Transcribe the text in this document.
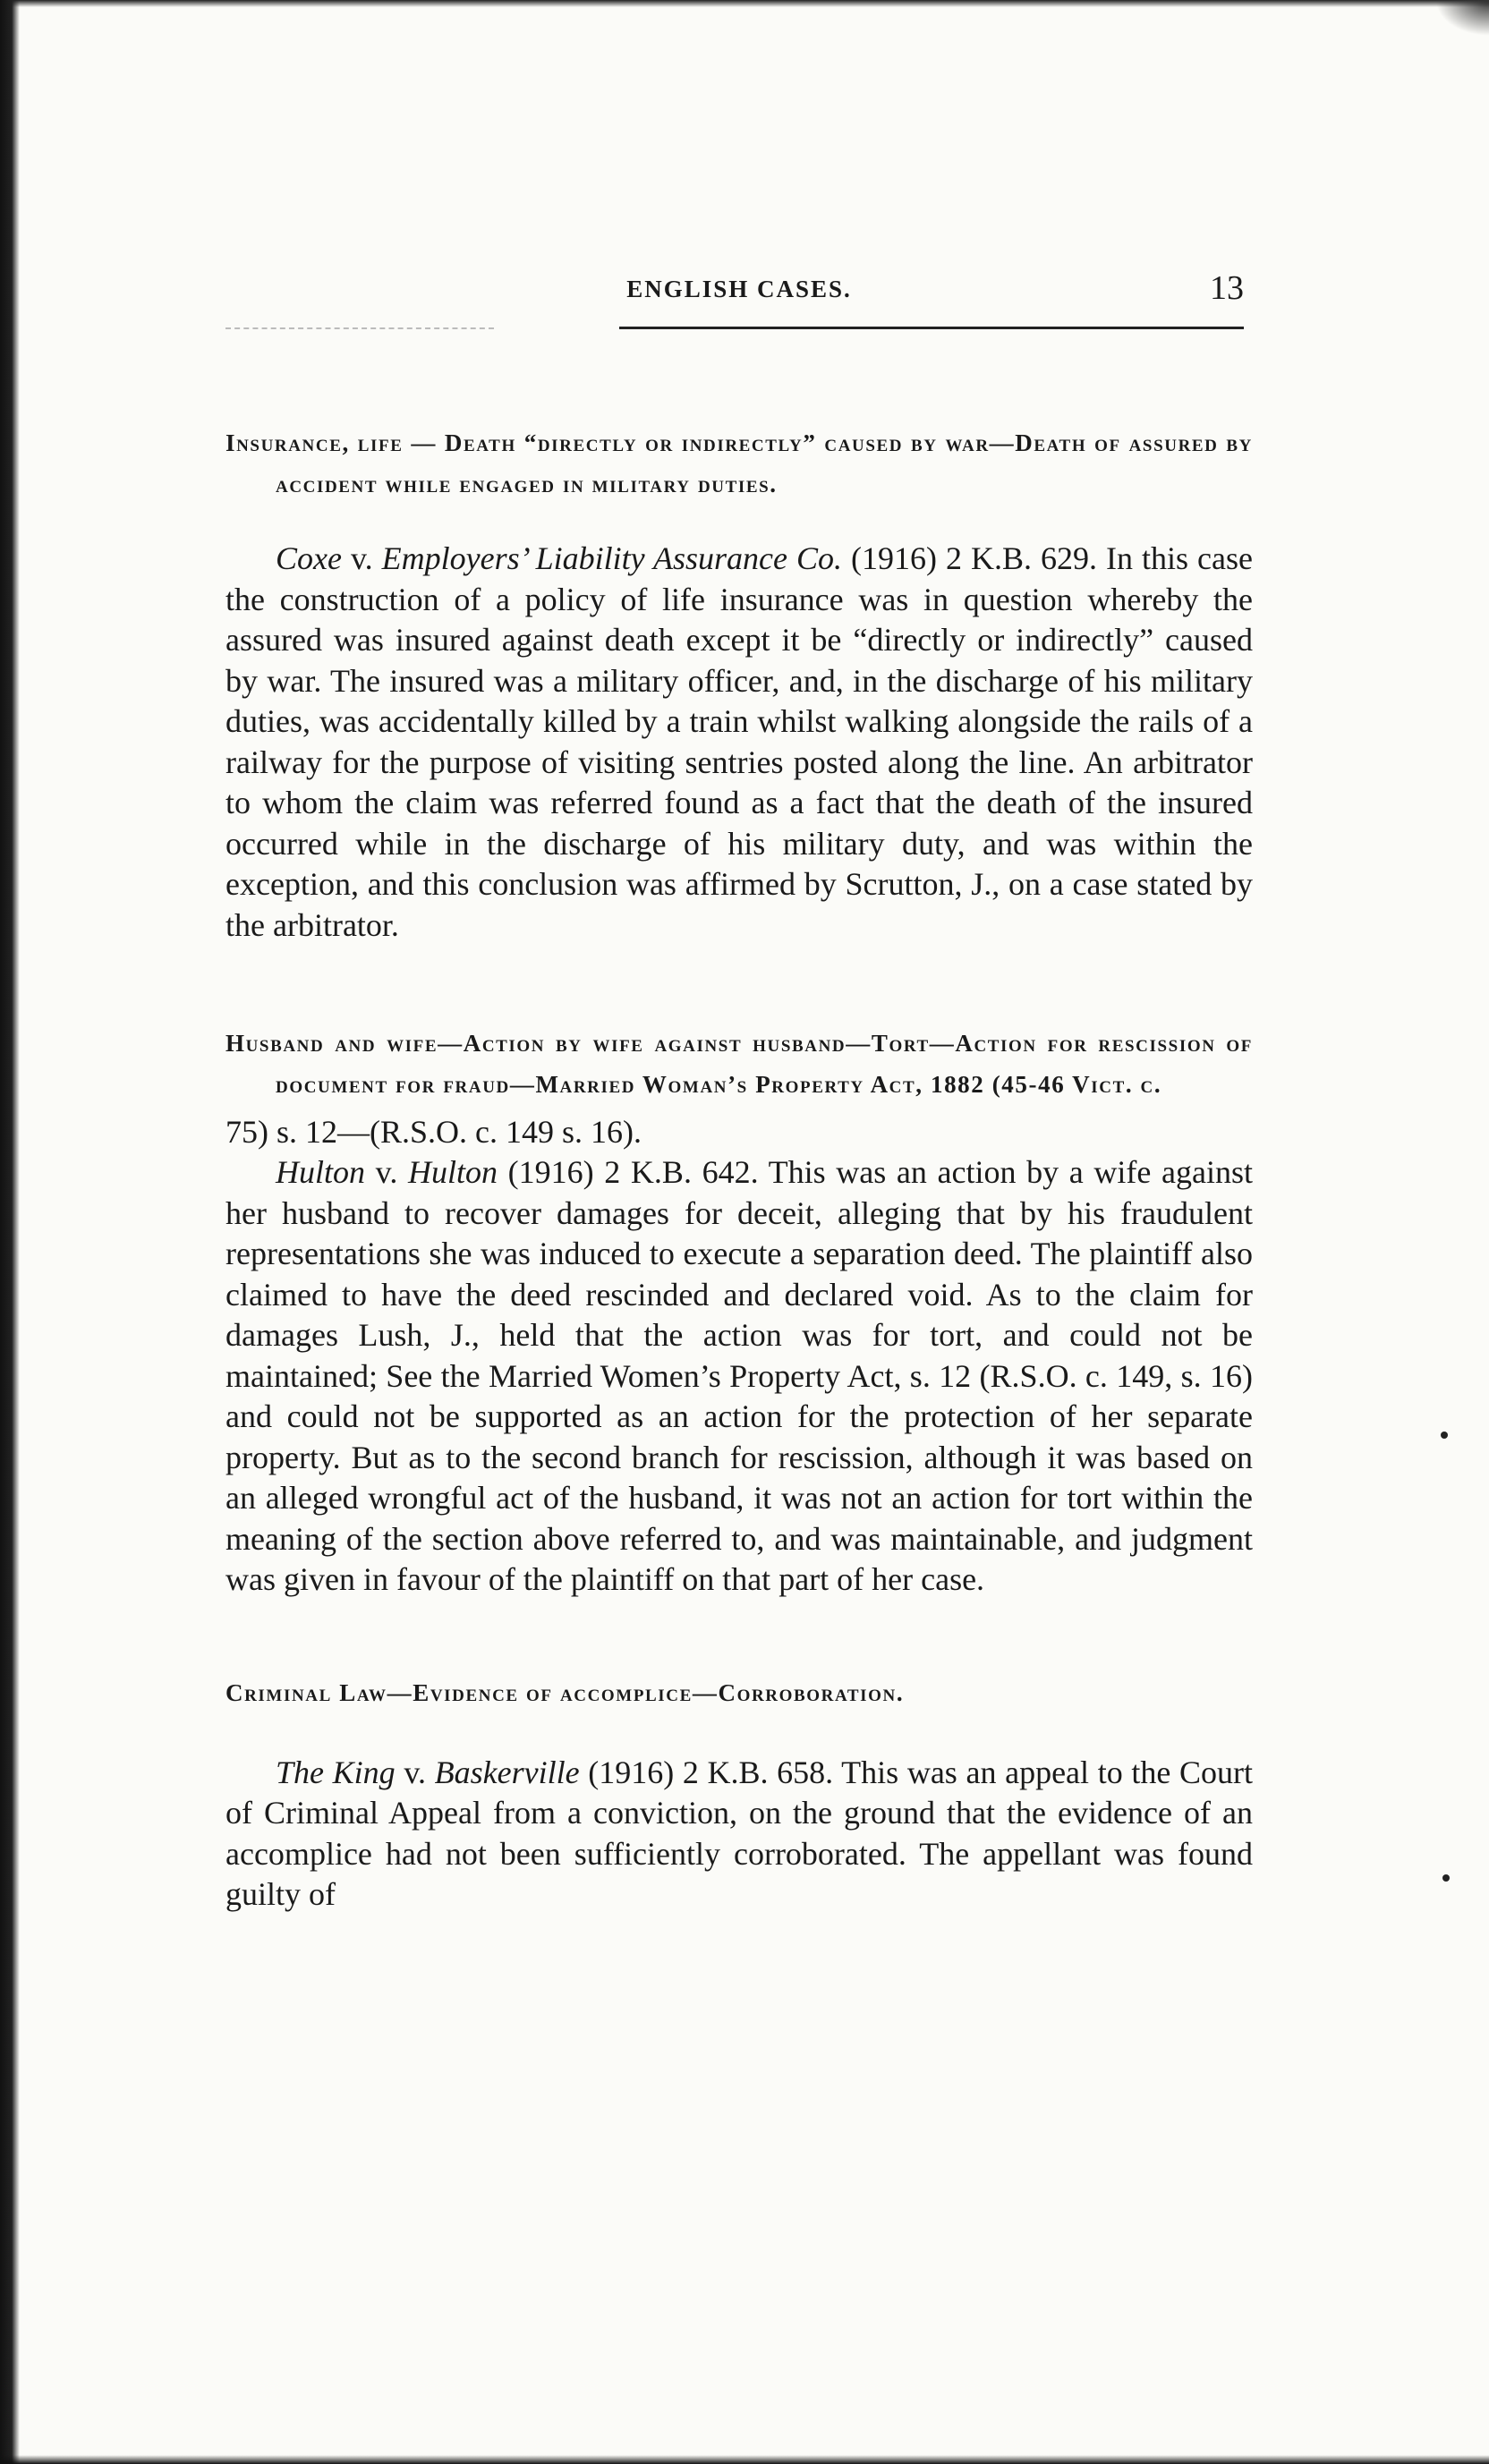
ENGLISH CASES.	13

Insurance, life — Death “directly or indirectly” caused by war—Death of assured by accident while engaged in military duties.

Coxe v. Employers’ Liability Assurance Co. (1916) 2 K.B. 629. In this case the construction of a policy of life insurance was in question whereby the assured was insured against death except it be “directly or indirectly” caused by war. The insured was a military officer, and, in the discharge of his military duties, was accidentally killed by a train whilst walking alongside the rails of a railway for the purpose of visiting sentries posted along the line. An arbitrator to whom the claim was referred found as a fact that the death of the insured occurred while in the discharge of his military duty, and was within the exception, and this conclusion was affirmed by Scrutton, J., on a case stated by the arbitrator.

Husband and wife—Action by wife against husband—Tort—Action for rescission of document for fraud—Married Woman’s Property Act, 1882 (45-46 Vict. c.

75) s. 12—(R.S.O. c. 149 s. 16).

Hulton v. Hulton (1916) 2 K.B. 642. This was an action by a wife against her husband to recover damages for deceit, alleging that by his fraudulent representations she was induced to execute a separation deed. The plaintiff also claimed to have the deed rescinded and declared void. As to the claim for damages Lush, J., held that the action was for tort, and could not be maintained; See the Married Women’s Property Act, s. 12 (R.S.O. c. 149, s. 16) and could not be supported as an action for the protection of her separate property. But as to the second branch for rescission, although it was based on an alleged wrongful act of the husband, it was not an action for tort within the meaning of the section above referred to, and was maintainable, and judgment was given in favour of the plaintiff on that part of her case.

Criminal Law—Evidence of accomplice—Corroboration.

The King v. Baskerville (1916) 2 K.B. 658. This was an appeal to the Court of Criminal Appeal from a conviction, on the ground that the evidence of an accomplice had not been sufficiently corroborated. The appellant was found guilty of
